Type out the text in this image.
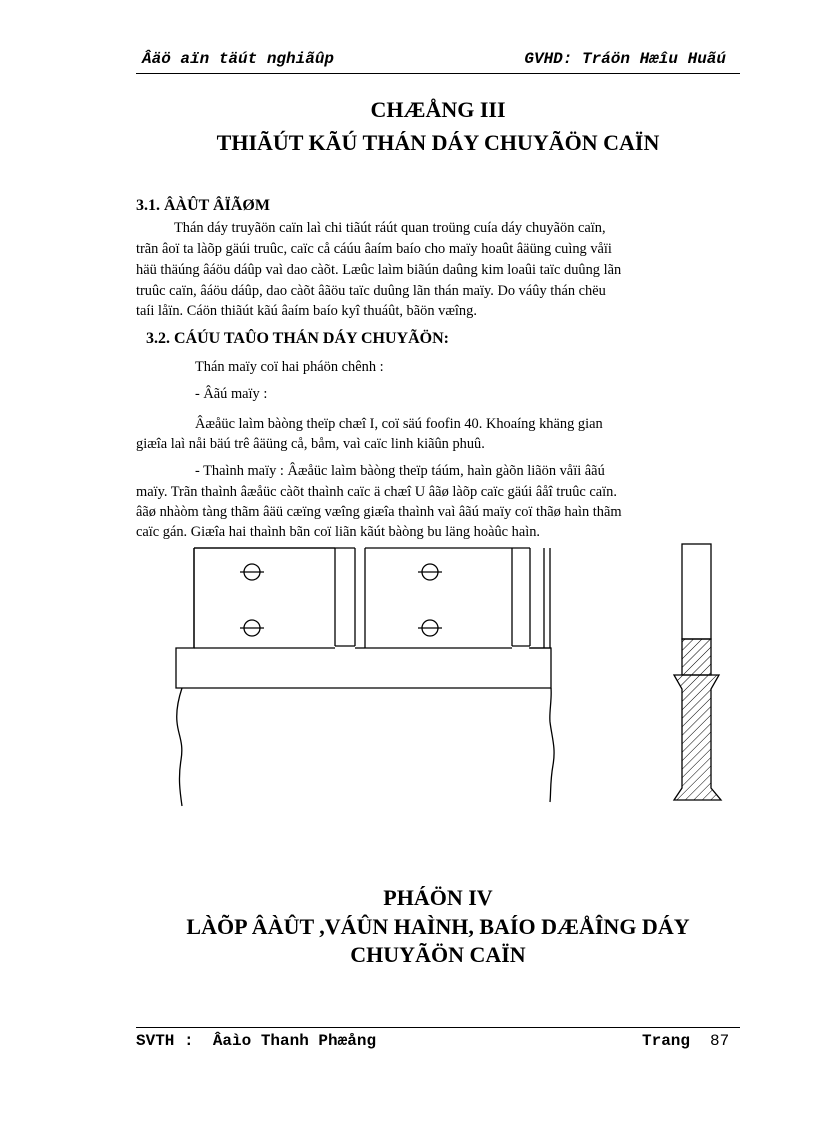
Âäö aïn täút nghiãûp	GVHD: Tráön Hæîu Huãú
CHÆÅNG III
THIÃÚT KÃÚ THÁN DÁY CHUYÃÖN CAÏN
3.1. ÂÀÛT ÂÏÃØM
Thán dáy truyãön caïn laì chi tiãút ráút quan troüng cuía dáy chuyãön caïn,
trãn âoï ta làõp gäúi truûc, caïc cå cáúu âaím baío cho maïy hoaût âäüng cuìng våïi
häü thäúng âáöu dáûp vaì dao càõt. Læûc laìm biãún daûng kim loaûi taïc duûng lãn
truûc caïn, âáöu dáûp, dao càõt âãöu taïc duûng lãn thán maïy. Do váûy thán chëu
taíi låïn. Cáön thiãút kãú âaím baío kyî thuáût, bãön væîng.
3.2. CÁÚU TAÛO THÁN DÁY CHUYÃÖN:
Thán maïy coï hai pháön chênh :
- Âãú maïy :
Âæåüc laìm bàòng theïp chæî I, coï säú foofin 40. Khoaíng khäng gian
giæîa laì nåi bäú trê âäüng cå, båm, vaì caïc linh kiãûn phuû.
- Thaình maïy : Âæåüc laìm bàòng theïp táúm, haìn gàõn liãön våïi âãú
maïy. Trãn thaình âæåüc càõt thaình caïc ä chæî U âãø làõp caïc gäúi âåî truûc caïn.
âãø nhàòm tàng thãm âäü cæïng væîng giæîa thaình vaì âãú maïy coï thãø haìn thãm
caïc gán. Giæîa hai thaình bãn coï liãn kãút bàòng bu läng hoàûc haìn.
PHÁÖN IV
LÀÕP ÂÀÛT ,VÁÛN HAÌNH, BAÍO DÆÅÎNG DÁY
CHUYÃÖN CAÏN
SVTH :  Âaìo Thanh Phæång	Trang 87
